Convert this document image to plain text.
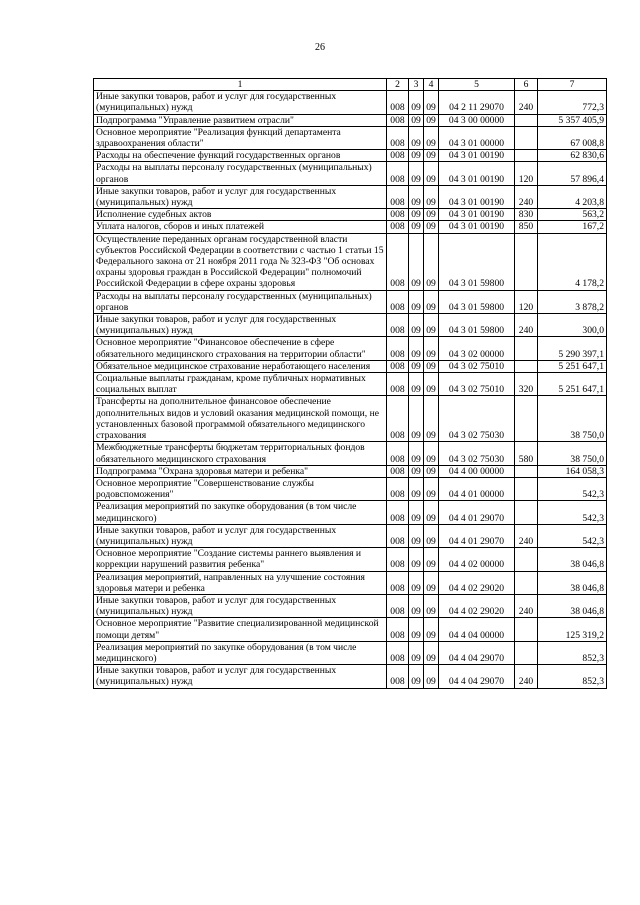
26
1	2	3	4	5	6	7
Иные закупки товаров, работ и услуг для государственных (муниципальных) нужд	008	09	09	04 2 11 29070	240	772,3
Подпрограмма "Управление развитием отрасли"	008	09	09	04 3 00 00000		5 357 405,9
Основное мероприятие "Реализация функций департамента здравоохранения области"	008	09	09	04 3 01 00000		67 008,8
Расходы на обеспечение функций государственных органов	008	09	09	04 3 01 00190		62 830,6
Расходы на выплаты персоналу государственных (муниципальных) органов	008	09	09	04 3 01 00190	120	57 896,4
Иные закупки товаров, работ и услуг для государственных (муниципальных) нужд	008	09	09	04 3 01 00190	240	4 203,8
Исполнение судебных актов	008	09	09	04 3 01 00190	830	563,2
Уплата налогов, сборов и иных платежей	008	09	09	04 3 01 00190	850	167,2
Осуществление переданных органам государственной власти субъектов Российской Федерации в соответствии с частью 1 статьи 15 Федерального закона от 21 ноября 2011 года № 323-ФЗ "Об основах охраны здоровья граждан в Российской Федерации" полномочий Российской Федерации в сфере охраны здоровья	008	09	09	04 3 01 59800		4 178,2
Расходы на выплаты персоналу государственных (муниципальных) органов	008	09	09	04 3 01 59800	120	3 878,2
Иные закупки товаров, работ и услуг для государственных (муниципальных) нужд	008	09	09	04 3 01 59800	240	300,0
Основное мероприятие "Финансовое обеспечение в сфере обязательного медицинского страхования на территории области"	008	09	09	04 3 02 00000		5 290 397,1
Обязательное медицинское страхование неработающего населения	008	09	09	04 3 02 75010		5 251 647,1
Социальные выплаты гражданам, кроме публичных нормативных социальных выплат	008	09	09	04 3 02 75010	320	5 251 647,1
Трансферты на дополнительное финансовое обеспечение дополнительных видов и условий оказания медицинской помощи, не установленных базовой программой обязательного медицинского страхования	008	09	09	04 3 02 75030		38 750,0
Межбюджетные трансферты бюджетам территориальных фондов обязательного медицинского страхования	008	09	09	04 3 02 75030	580	38 750,0
Подпрограмма "Охрана здоровья матери и ребенка"	008	09	09	04 4 00 00000		164 058,3
Основное мероприятие "Совершенствование службы родовспоможения"	008	09	09	04 4 01 00000		542,3
Реализация мероприятий по закупке оборудования (в том числе медицинского)	008	09	09	04 4 01 29070		542,3
Иные закупки товаров, работ и услуг для государственных (муниципальных) нужд	008	09	09	04 4 01 29070	240	542,3
Основное мероприятие "Создание системы раннего выявления и коррекции нарушений развития ребенка"	008	09	09	04 4 02 00000		38 046,8
Реализация мероприятий, направленных на улучшение состояния здоровья матери и ребенка	008	09	09	04 4 02 29020		38 046,8
Иные закупки товаров, работ и услуг для государственных (муниципальных) нужд	008	09	09	04 4 02 29020	240	38 046,8
Основное мероприятие "Развитие специализированной медицинской помощи детям"	008	09	09	04 4 04 00000		125 319,2
Реализация мероприятий по закупке оборудования (в том числе медицинского)	008	09	09	04 4 04 29070		852,3
Иные закупки товаров, работ и услуг для государственных (муниципальных) нужд	008	09	09	04 4 04 29070	240	852,3
